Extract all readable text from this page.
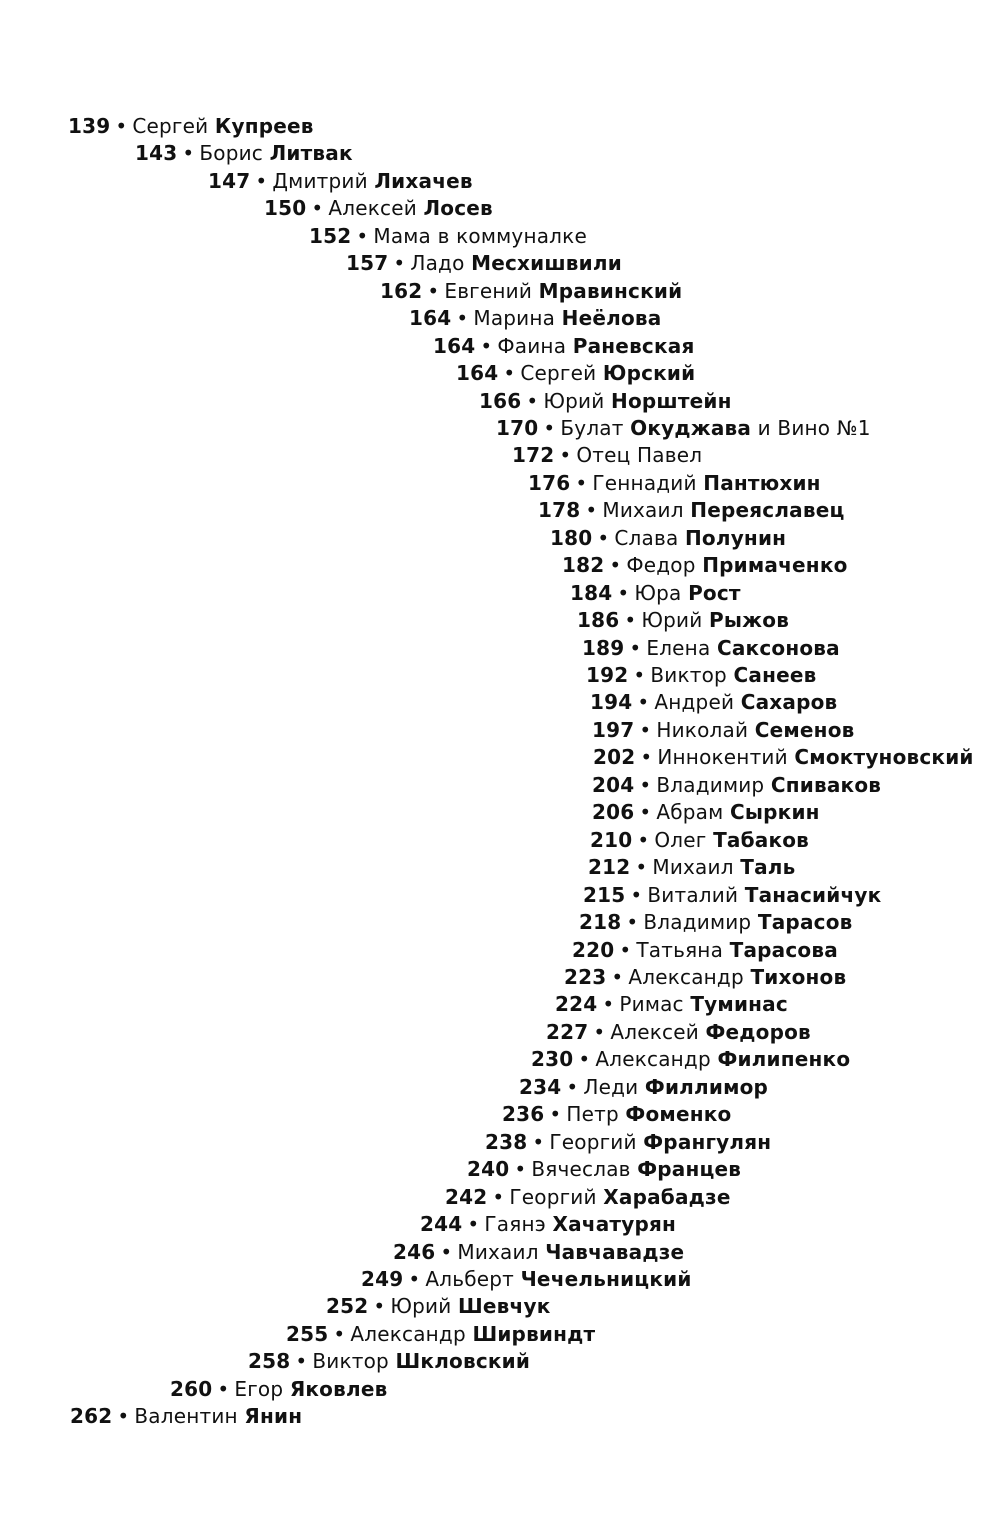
139 • Сергей Купреев
143 • Борис Литвак
147 • Дмитрий Лихачев
150 • Алексей Лосев
152 • Мама в коммуналке
157 • Ладо Месхишвили
162 • Евгений Мравинский
164 • Марина Неёлова
164 • Фаина Раневская
164 • Сергей Юрский
166 • Юрий Норштейн
170 • Булат Окуджава и Вино №1
172 • Отец Павел
176 • Геннадий Пантюхин
178 • Михаил Переяславец
180 • Слава Полунин
182 • Федор Примаченко
184 • Юра Рост
186 • Юрий Рыжов
189 • Елена Саксонова
192 • Виктор Санеев
194 • Андрей Сахаров
197 • Николай Семенов
202 • Иннокентий Смоктуновский
204 • Владимир Спиваков
206 • Абрам Сыркин
210 • Олег Табаков
212 • Михаил Таль
215 • Виталий Танасийчук
218 • Владимир Тарасов
220 • Татьяна Тарасова
223 • Александр Тихонов
224 • Римас Туминас
227 • Алексей Федоров
230 • Александр Филипенко
234 • Леди Филлимор
236 • Петр Фоменко
238 • Георгий Франгулян
240 • Вячеслав Францев
242 • Георгий Харабадзе
244 • Гаянэ Хачатурян
246 • Михаил Чавчавадзе
249 • Альберт Чечельницкий
252 • Юрий Шевчук
255 • Александр Ширвиндт
258 • Виктор Шкловский
260 • Егор Яковлев
262 • Валентин Янин
